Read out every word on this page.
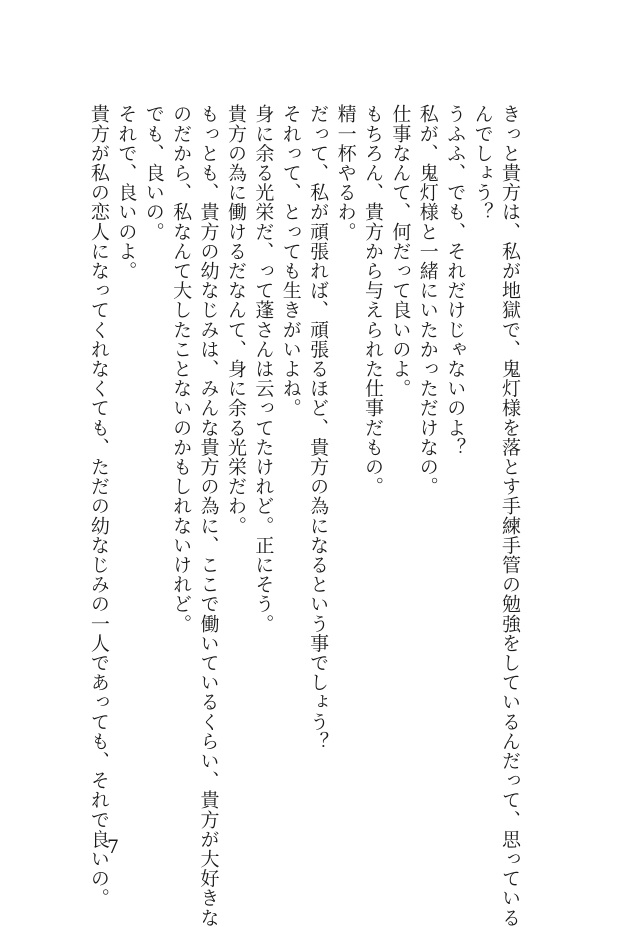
きっと貴方は、私が地獄で、鬼灯様を落とす手練手管の勉強をしているんだって、思っている
んでしょう？
うふふ、でも、それだけじゃないのよ？
私が、鬼灯様と一緒にいたかっただけなの。
仕事なんて、何だって良いのよ。
もちろん、貴方から与えられた仕事だもの。
精一杯やるわ。
だって、私が頑張れば、頑張るほど、貴方の為になるという事でしょう？
それって、とっても生きがいよね。
身に余る光栄だ、って蓬さんは云ってたけれど。正にそう。
貴方の為に働けるだなんて、身に余る光栄だわ。
もっとも、貴方の幼なじみは、みんな貴方の為に、ここで働いているくらい、貴方が大好きな
のだから、私なんて大したことないのかもしれないけれど。
でも、良いの。
それで、良いのよ。
貴方が私の恋人になってくれなくても、ただの幼なじみの一人であっても、それで良いの。
7
